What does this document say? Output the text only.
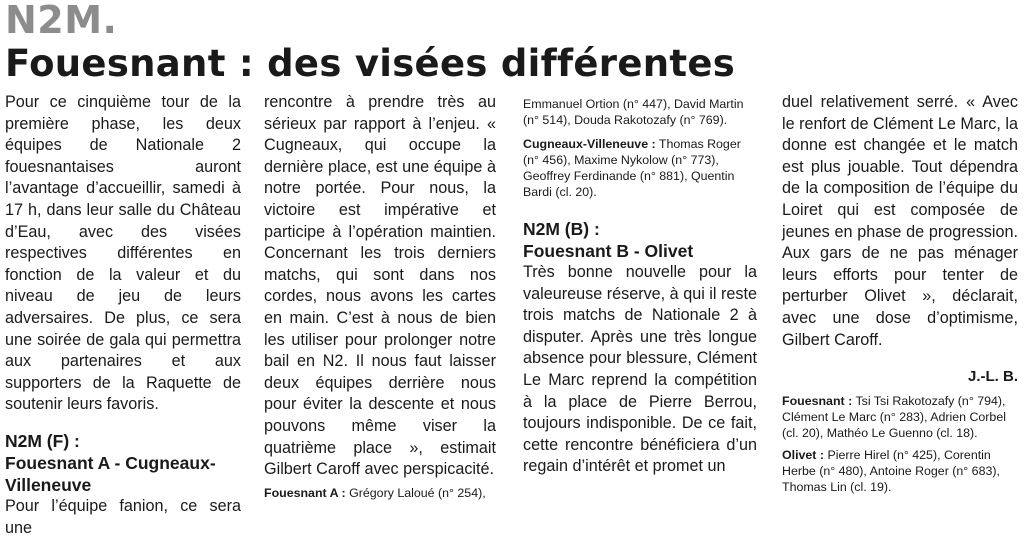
N2M.
Fouesnant : des visées différentes

Pour ce cinquième tour de la première phase, les deux équipes de Nationale 2 fouesnantaises auront l’avantage d’accueillir, samedi à 17 h, dans leur salle du Château d’Eau, avec des visées respectives différentes en fonction de la valeur et du niveau de jeu de leurs adversaires. De plus, ce sera une soirée de gala qui permettra aux partenaires et aux supporters de la Raquette de soutenir leurs favoris.

N2M (F) :

Fouesnant A - Cugneaux-Villeneuve

Pour l’équipe fanion, ce sera une

rencontre à prendre très au sérieux par rapport à l’enjeu. « Cugneaux, qui occupe la dernière place, est une équipe à notre portée. Pour nous, la victoire est impérative et participe à l’opération maintien. Concernant les trois derniers matchs, qui sont dans nos cordes, nous avons les cartes en main. C’est à nous de bien les utiliser pour prolonger notre bail en N2. Il nous faut laisser deux équipes derrière nous pour éviter la descente et nous pouvons même viser la quatrième place », estimait Gilbert Caroff avec perspicacité.

Fouesnant A : Grégory Laloué (n° 254),

Emmanuel Ortion (n° 447), David Martin (n° 514), Douda Rakotozafy (n° 769).

Cugneaux-Villeneuve : Thomas Roger (n° 456), Maxime Nykolow (n° 773), Geoffrey Ferdinande (n° 881), Quentin Bardi (cl. 20).

N2M (B) :

Fouesnant B - Olivet

Très bonne nouvelle pour la valeureuse réserve, à qui il reste trois matchs de Nationale 2 à disputer. Après une très longue absence pour blessure, Clément Le Marc reprend la compétition à la place de Pierre Berrou, toujours indisponible. De ce fait, cette rencontre bénéficiera d’un regain d’intérêt et promet un

duel relativement serré. « Avec le renfort de Clément Le Marc, la donne est changée et le match est plus jouable. Tout dépendra de la composition de l’équipe du Loiret qui est composée de jeunes en phase de progression. Aux gars de ne pas ménager leurs efforts pour tenter de perturber Olivet », déclarait, avec une dose d’optimisme, Gilbert Caroff.

J.-L. B.

Fouesnant : Tsi Tsi Rakotozafy (n° 794), Clément Le Marc (n° 283), Adrien Corbel (cl. 20), Mathéo Le Guenno (cl. 18).

Olivet : Pierre Hirel (n° 425), Corentin Herbe (n° 480), Antoine Roger (n° 683), Thomas Lin (cl. 19).
